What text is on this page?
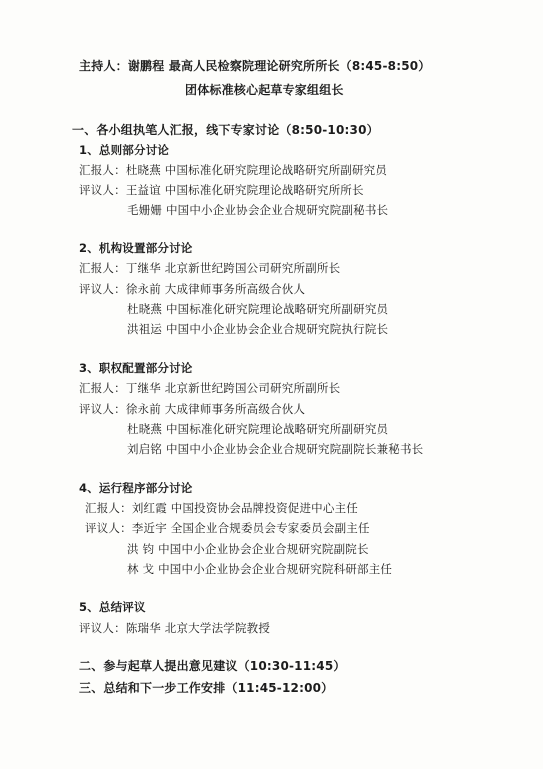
主持人：谢鹏程 最高人民检察院理论研究所所长（8:45-8:50）
团体标准核心起草专家组组长
一、各小组执笔人汇报，线下专家讨论（8:50-10:30）
1、总则部分讨论
汇报人：杜晓燕 中国标准化研究院理论战略研究所副研究员
评议人：王益谊 中国标准化研究院理论战略研究所所长
毛姗姗 中国中小企业协会企业合规研究院副秘书长
2、机构设置部分讨论
汇报人：丁继华 北京新世纪跨国公司研究所副所长
评议人：徐永前 大成律师事务所高级合伙人
杜晓燕 中国标准化研究院理论战略研究所副研究员
洪祖运 中国中小企业协会企业合规研究院执行院长
3、职权配置部分讨论
汇报人：丁继华 北京新世纪跨国公司研究所副所长
评议人：徐永前 大成律师事务所高级合伙人
杜晓燕 中国标准化研究院理论战略研究所副研究员
刘启铭 中国中小企业协会企业合规研究院副院长兼秘书长
4、运行程序部分讨论
汇报人：刘红霞 中国投资协会品牌投资促进中心主任
评议人：李近宇 全国企业合规委员会专家委员会副主任
洪 钧 中国中小企业协会企业合规研究院副院长
林 戈 中国中小企业协会企业合规研究院科研部主任
5、总结评议
评议人：陈瑞华 北京大学法学院教授
二、参与起草人提出意见建议（10:30-11:45）
三、总结和下一步工作安排（11:45-12:00）
